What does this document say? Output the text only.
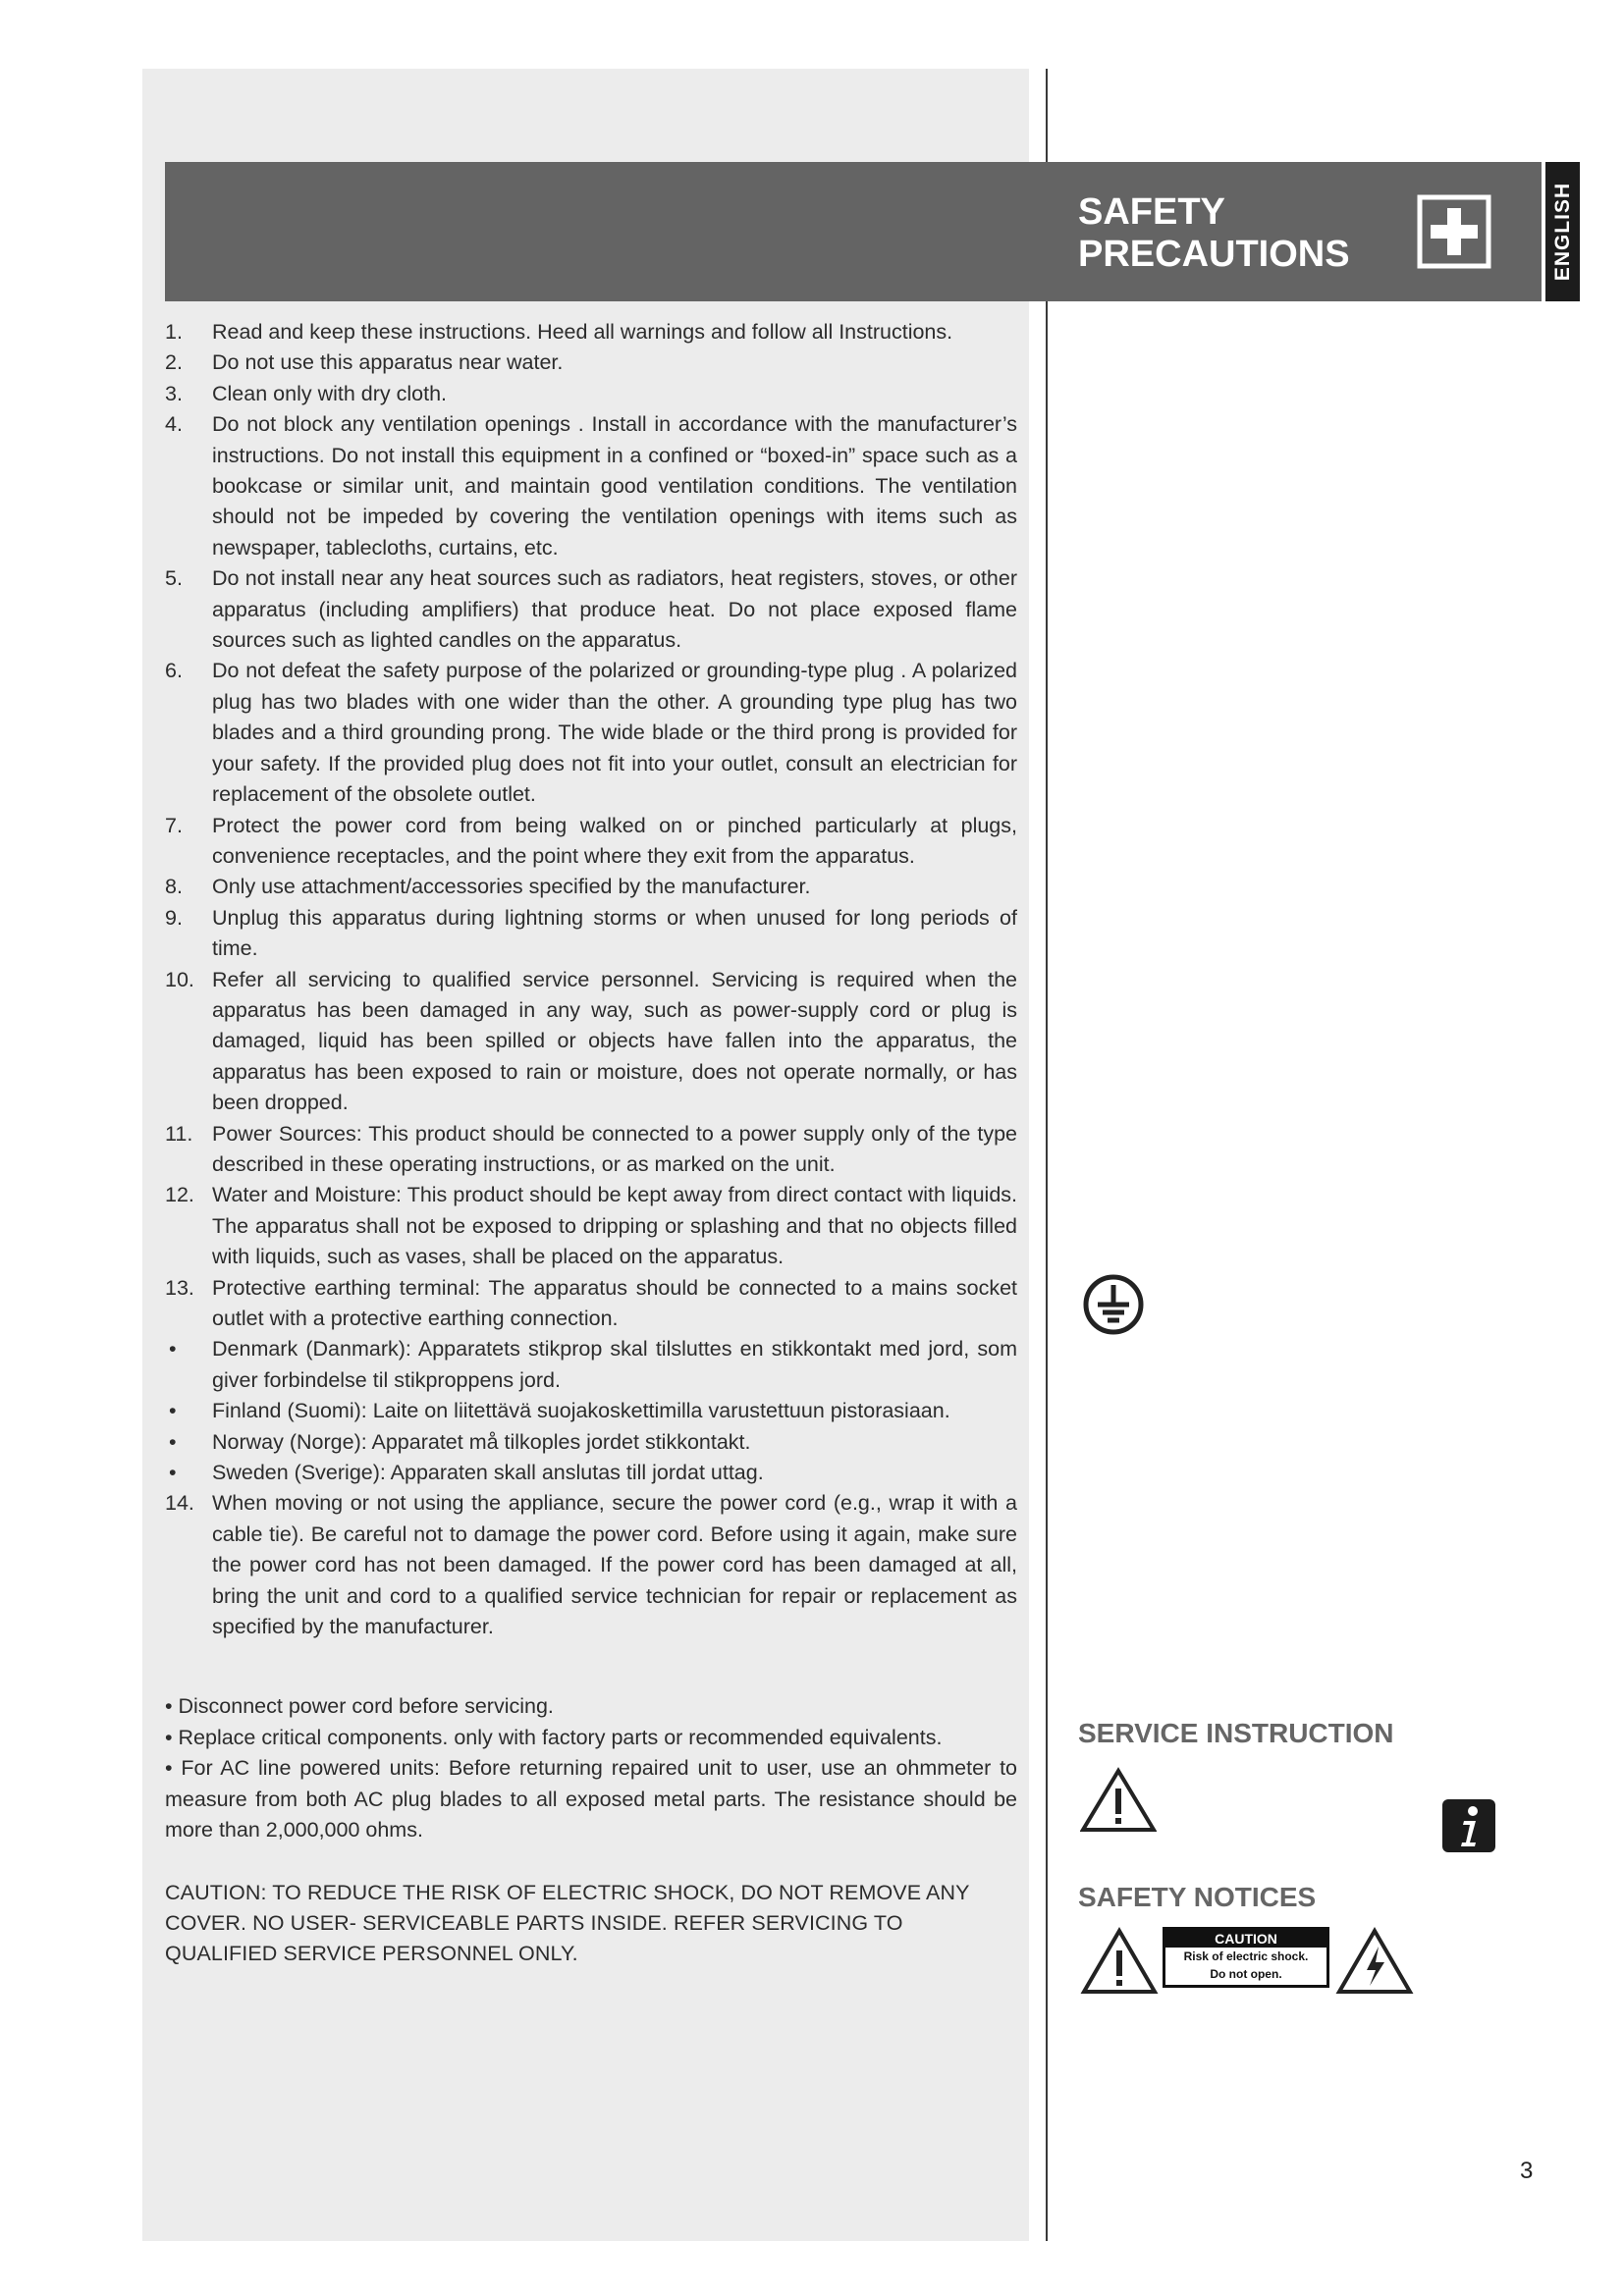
SAFETY
PRECAUTIONS	ENGLISH
1. Read and keep these instructions. Heed all warnings and follow all Instructions.
2. Do not use this apparatus near water.
3. Clean only with dry cloth.
4. Do not block any ventilation openings . Install in accordance with the manufacturer’s instructions. Do not install this equipment in a confined or “boxed-in” space such as a bookcase or similar unit, and maintain good ventilation conditions. The ventilation should not be impeded by covering the ventilation openings with items such as newspaper, tablecloths, curtains, etc.
5. Do not install near any heat sources such as radiators, heat registers, stoves, or other apparatus (including amplifiers) that produce heat. Do not place exposed flame sources such as lighted candles on the apparatus.
6. Do not defeat the safety purpose of the polarized or grounding-type plug . A polarized plug has two blades with one wider than the other. A grounding type plug has two blades and a third grounding prong. The wide blade or the third prong is provided for your safety. If the provided plug does not fit into your outlet, consult an electrician for replacement of the obsolete outlet.
7. Protect the power cord from being walked on or pinched particularly at plugs, convenience receptacles, and the point where they exit from the apparatus.
8. Only use attachment/accessories specified by the manufacturer.
9. Unplug this apparatus during lightning storms or when unused for long periods of time.
10. Refer all servicing to qualified service personnel. Servicing is required when the apparatus has been damaged in any way, such as power-supply cord or plug is damaged, liquid has been spilled or objects have fallen into the apparatus, the apparatus has been exposed to rain or moisture, does not operate normally, or has been dropped.
11. Power Sources: This product should be connected to a power supply only of the type described in these operating instructions, or as marked on the unit.
12. Water and Moisture: This product should be kept away from direct contact with liquids. The apparatus shall not be exposed to dripping or splashing and that no objects filled with liquids, such as vases, shall be placed on the apparatus.
13. Protective earthing terminal: The apparatus should be connected to a mains socket outlet with a protective earthing connection.
• Denmark (Danmark): Apparatets stikprop skal tilsluttes en stikkontakt med jord, som giver forbindelse til stikproppens jord.
• Finland (Suomi): Laite on liitettävä suojakoskettimilla varustettuun pistorasiaan.
• Norway (Norge): Apparatet må tilkoples jordet stikkontakt.
• Sweden (Sverige): Apparaten skall anslutas till jordat uttag.
14. When moving or not using the appliance, secure the power cord (e.g., wrap it with a cable tie). Be careful not to damage the power cord. Before using it again, make sure the power cord has not been damaged. If the power cord has been damaged at all, bring the unit and cord to a qualified service technician for repair or replacement as specified by the manufacturer.
• Disconnect power cord before servicing.
• Replace critical components. only with factory parts or recommended equivalents.
• For AC line powered units: Before returning repaired unit to user, use an ohmmeter to measure from both AC plug blades to all exposed metal parts. The resistance should be more than 2,000,000 ohms.
CAUTION: TO REDUCE THE RISK OF ELECTRIC SHOCK, DO NOT REMOVE ANY COVER. NO USER- SERVICEABLE PARTS INSIDE. REFER SERVICING TO QUALIFIED SERVICE PERSONNEL ONLY.
SERVICE INSTRUCTION
SAFETY NOTICES
CAUTION
Risk of electric shock.
Do not open.
3
